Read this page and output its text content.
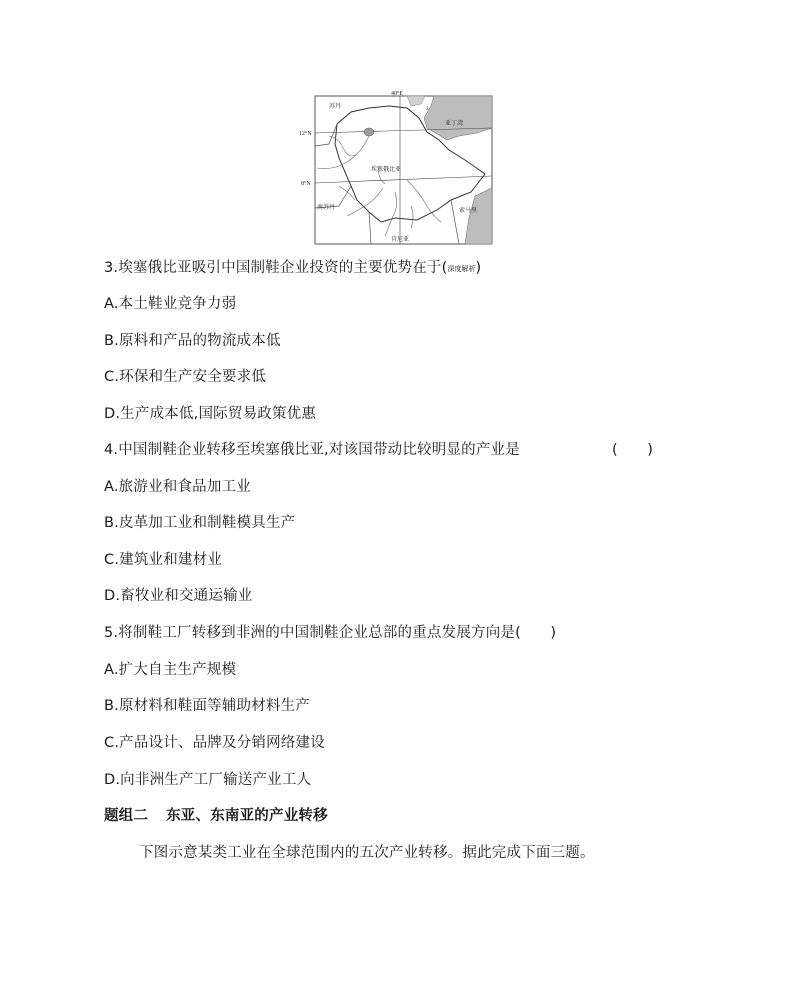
40°E
12°N
8°N
苏丹
亚丁湾
埃塞俄比亚
南苏丹	索马里
肯尼亚
2
3.埃塞俄比亚吸引中国制鞋企业投资的主要优势在于(深度解析)
A.本土鞋业竞争力弱
B.原料和产品的物流成本低
C.环保和生产安全要求低
D.生产成本低,国际贸易政策优惠
4.中国制鞋企业转移至埃塞俄比亚,对该国带动比较明显的产业是	(　　)
A.旅游业和食品加工业
B.皮革加工业和制鞋模具生产
C.建筑业和建材业
D.畜牧业和交通运输业
5.将制鞋工厂转移到非洲的中国制鞋企业总部的重点发展方向是(　　)
A.扩大自主生产规模
B.原材料和鞋面等辅助材料生产
C.产品设计、品牌及分销网络建设
D.向非洲生产工厂输送产业工人
题组二 东亚、东南亚的产业转移
下图示意某类工业在全球范围内的五次产业转移。据此完成下面三题。
